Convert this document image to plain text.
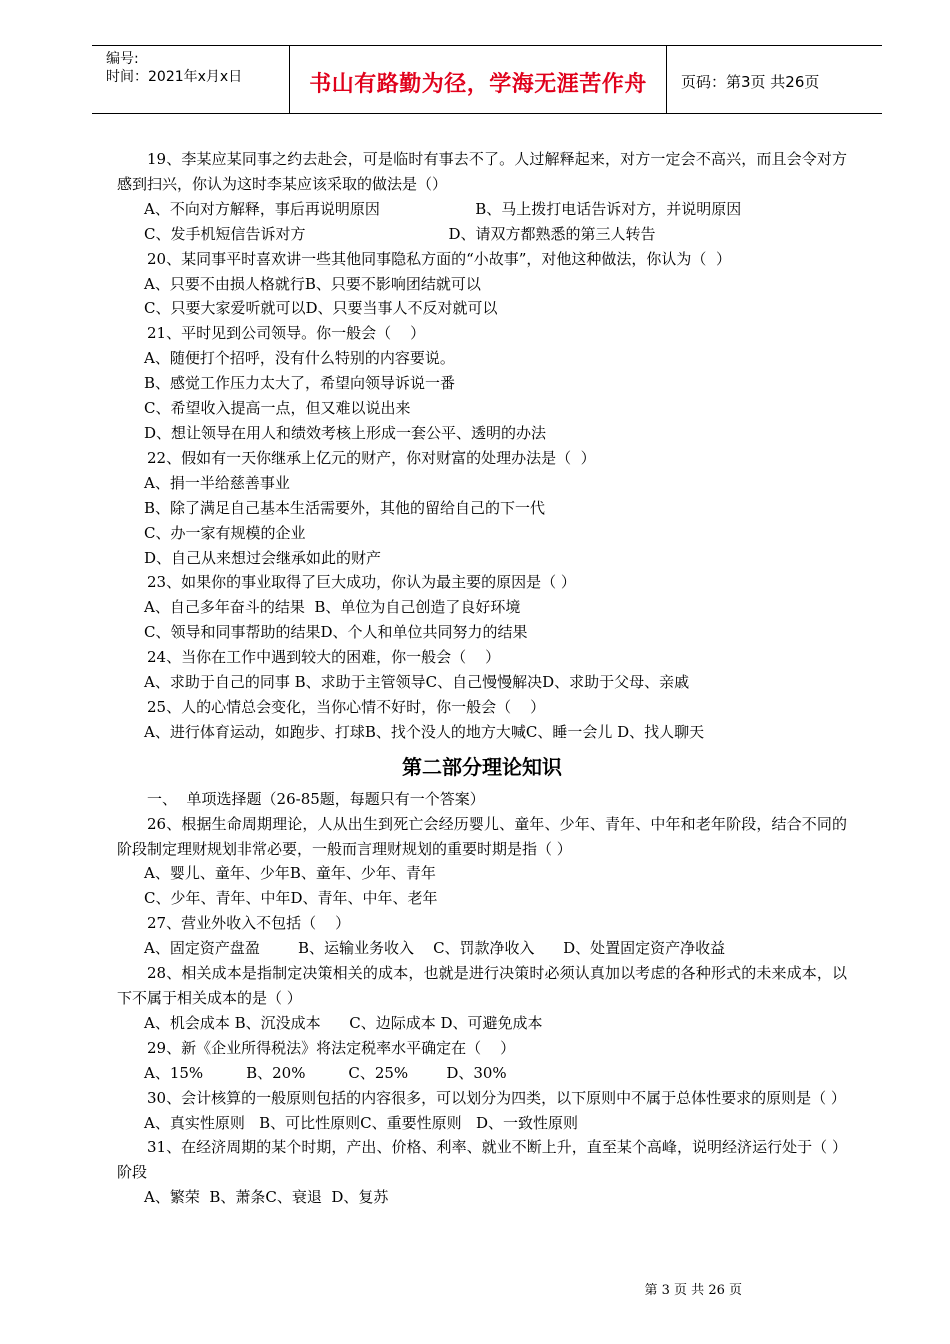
编号:
时间：2021年x月x日	书山有路勤为径，学海无涯苦作舟	页码：第3页 共26页

19、李某应某同事之约去赴会，可是临时有事去不了。人过解释起来，对方一定会不高兴，而且会令对方感到扫兴，你认为这时李某应该采取的做法是（）

A、不向对方解释，事后再说明原因                    B、马上拨打电话告诉对方，并说明原因

C、发手机短信告诉对方                              D、请双方都熟悉的第三人转告

20、某同事平时喜欢讲一些其他同事隐私方面的“小故事”，对他这种做法，你认为（  ）

A、只要不由损人格就行B、只要不影响团结就可以

C、只要大家爱听就可以D、只要当事人不反对就可以

21、平时见到公司领导。你一般会（    ）

A、随便打个招呼，没有什么特别的内容要说。

B、感觉工作压力太大了，希望向领导诉说一番

C、希望收入提高一点，但又难以说出来

D、想让领导在用人和绩效考核上形成一套公平、透明的办法

22、假如有一天你继承上亿元的财产，你对财富的处理办法是（  ）

A、捐一半给慈善事业

B、除了满足自己基本生活需要外，其他的留给自己的下一代

C、办一家有规模的企业

D、自己从来想过会继承如此的财产

23、如果你的事业取得了巨大成功，你认为最主要的原因是（ ）

A、自己多年奋斗的结果  B、单位为自己创造了良好环境

C、领导和同事帮助的结果D、个人和单位共同努力的结果

24、当你在工作中遇到较大的困难，你一般会（    ）

A、求助于自己的同事 B、求助于主管领导C、自己慢慢解决D、求助于父母、亲戚

25、人的心情总会变化，当你心情不好时，你一般会（    ）

A、进行体育运动，如跑步、打球B、找个没人的地方大喊C、睡一会儿 D、找人聊天

第二部分理论知识

一、  单项选择题（26-85题，每题只有一个答案）

26、根据生命周期理论，人从出生到死亡会经历婴儿、童年、少年、青年、中年和老年阶段，结合不同的阶段制定理财规划非常必要，一般而言理财规划的重要时期是指（ ）

A、婴儿、童年、少年B、童年、少年、青年

C、少年、青年、中年D、青年、中年、老年

27、营业外收入不包括（    ）

A、固定资产盘盈        B、运输业务收入    C、罚款净收入      D、处置固定资产净收益

28、相关成本是指制定决策相关的成本，也就是进行决策时必须认真加以考虑的各种形式的未来成本，以下不属于相关成本的是（ ）

A、机会成本 B、沉没成本      C、边际成本 D、可避免成本

29、新《企业所得税法》将法定税率水平确定在（    ）

A、15%         B、20%         C、25%        D、30%

30、会计核算的一般原则包括的内容很多，可以划分为四类，以下原则中不属于总体性要求的原则是（ ）

A、真实性原则   B、可比性原则C、重要性原则   D、一致性原则

31、在经济周期的某个时期，产出、价格、利率、就业不断上升，直至某个高峰，说明经济运行处于（ ）阶段

A、繁荣  B、萧条C、衰退  D、复苏

第 3 页 共 26 页
